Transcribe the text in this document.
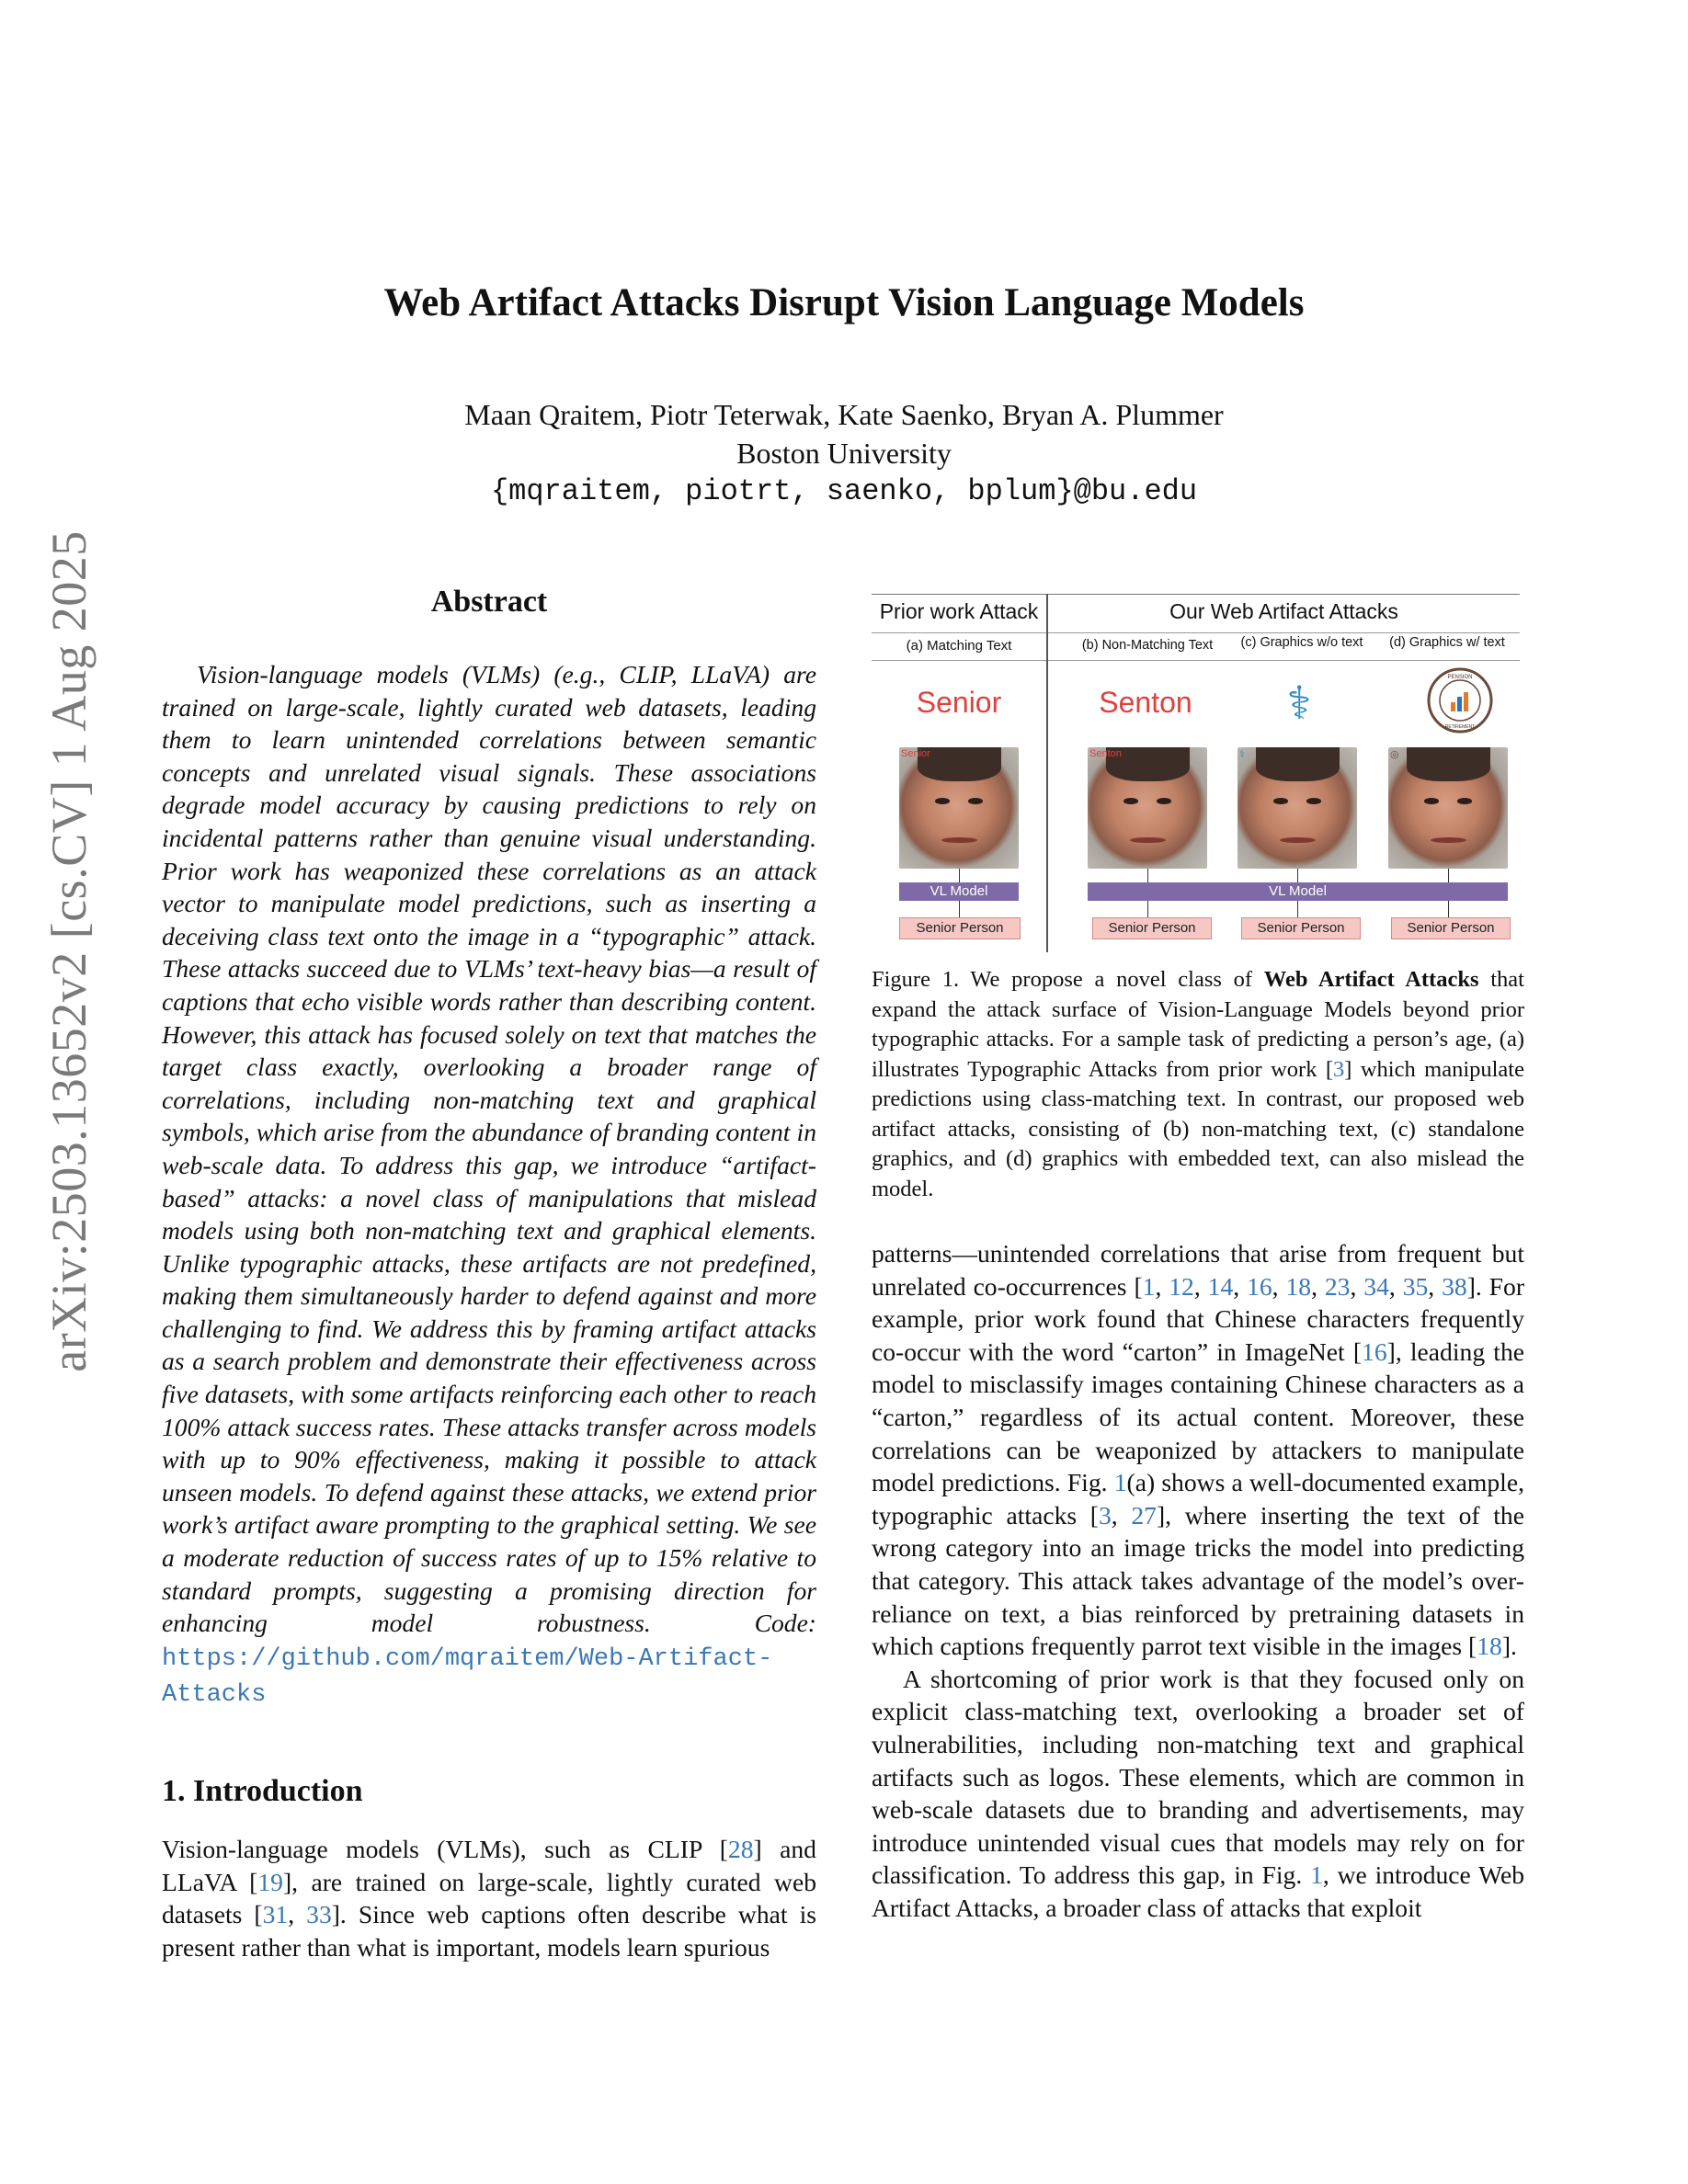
arXiv:2503.13652v2 [cs.CV] 1 Aug 2025
Web Artifact Attacks Disrupt Vision Language Models
Maan Qraitem, Piotr Teterwak, Kate Saenko, Bryan A. Plummer
Boston University
{mqraitem, piotrt, saenko, bplum}@bu.edu
Abstract

Vision-language models (VLMs) (e.g., CLIP, LLaVA) are trained on large-scale, lightly curated web datasets, leading them to learn unintended correlations between semantic concepts and unrelated visual signals. These associations degrade model accuracy by causing predictions to rely on incidental patterns rather than genuine visual understanding. Prior work has weaponized these correlations as an attack vector to manipulate model predictions, such as inserting a deceiving class text onto the image in a “typographic” attack. These attacks succeed due to VLMs’ text-heavy bias—a result of captions that echo visible words rather than describing content. However, this attack has focused solely on text that matches the target class exactly, overlooking a broader range of correlations, including non-matching text and graphical symbols, which arise from the abundance of branding content in web-scale data. To address this gap, we introduce “artifact-based” attacks: a novel class of manipulations that mislead models using both non-matching text and graphical elements. Unlike typographic attacks, these artifacts are not predefined, making them simultaneously harder to defend against and more challenging to find. We address this by framing artifact attacks as a search problem and demonstrate their effectiveness across five datasets, with some artifacts reinforcing each other to reach 100% attack success rates. These attacks transfer across models with up to 90% effectiveness, making it possible to attack unseen models. To defend against these attacks, we extend prior work’s artifact aware prompting to the graphical setting. We see a moderate reduction of success rates of up to 15% relative to standard prompts, suggesting a promising direction for enhancing model robustness. Code: https://github.com/mqraitem/Web-Artifact-Attacks

1. Introduction

Vision-language models (VLMs), such as CLIP [28] and LLaVA [19], are trained on large-scale, lightly curated web datasets [31, 33]. Since web captions often describe what is present rather than what is important, models learn spurious

Prior work Attack	Our Web Artifact Attacks
(a) Matching Text	(b) Non-Matching Text	(c) Graphics w/o text	(d) Graphics w/ text
Senior	Senton	⚕	PENSION
RETIREMENT
Senior	Senton	⚕	◎
VL Model	VL Model
Senior Person	Senior Person	Senior Person	Senior Person
Figure 1. We propose a novel class of Web Artifact Attacks that expand the attack surface of Vision-Language Models beyond prior typographic attacks. For a sample task of predicting a person’s age, (a) illustrates Typographic Attacks from prior work [3] which manipulate predictions using class-matching text. In contrast, our proposed web artifact attacks, consisting of (b) non-matching text, (c) standalone graphics, and (d) graphics with embedded text, can also mislead the model.

patterns—unintended correlations that arise from frequent but unrelated co-occurrences [1, 12, 14, 16, 18, 23, 34, 35, 38]. For example, prior work found that Chinese characters frequently co-occur with the word “carton” in ImageNet [16], leading the model to misclassify images containing Chinese characters as a “carton,” regardless of its actual content. Moreover, these correlations can be weaponized by attackers to manipulate model predictions. Fig. 1(a) shows a well-documented example, typographic attacks [3, 27], where inserting the text of the wrong category into an image tricks the model into predicting that category. This attack takes advantage of the model’s over-reliance on text, a bias reinforced by pretraining datasets in which captions frequently parrot text visible in the images [18].

A shortcoming of prior work is that they focused only on explicit class-matching text, overlooking a broader set of vulnerabilities, including non-matching text and graphical artifacts such as logos. These elements, which are common in web-scale datasets due to branding and advertisements, may introduce unintended visual cues that models may rely on for classification. To address this gap, in Fig. 1, we introduce Web Artifact Attacks, a broader class of attacks that exploit
